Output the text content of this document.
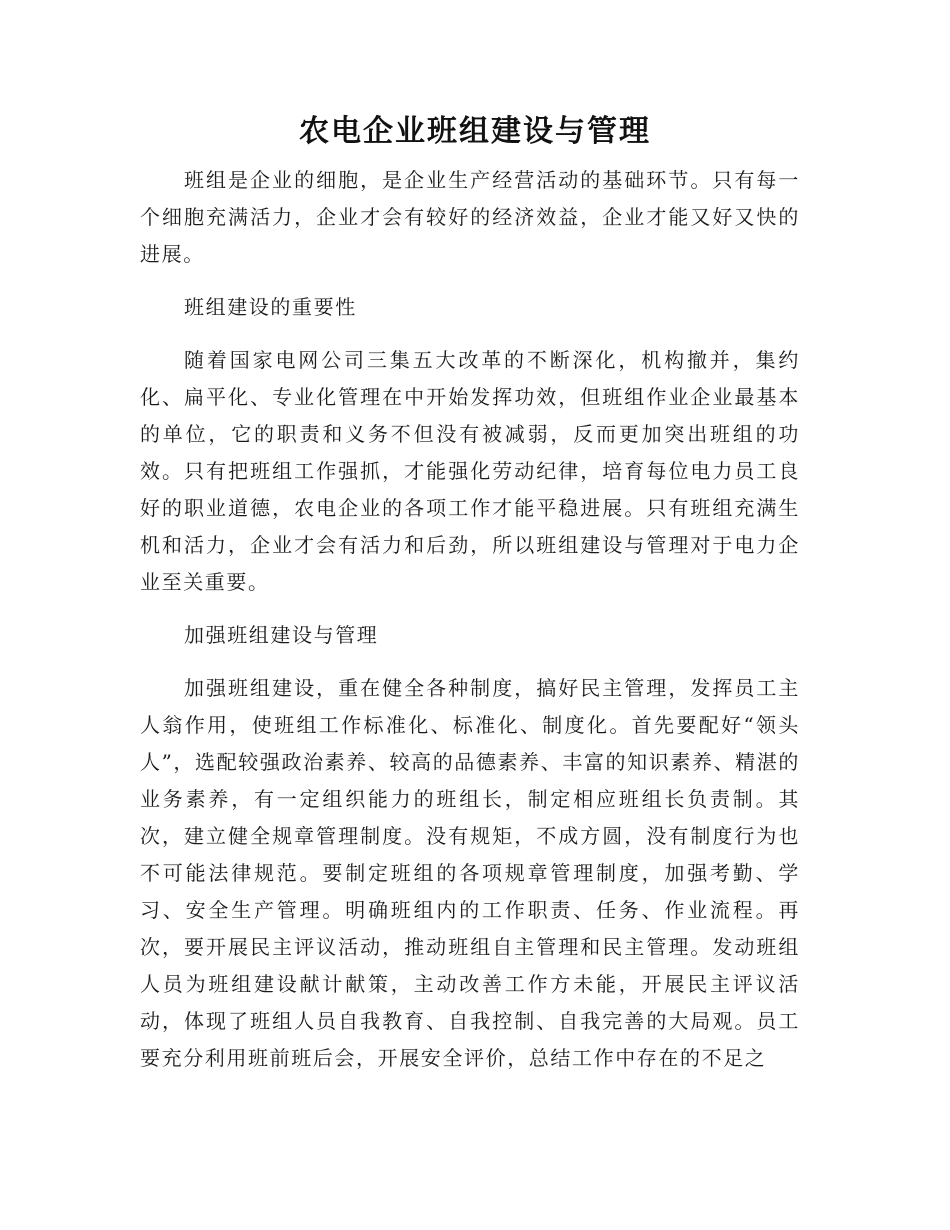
农电企业班组建设与管理

班组是企业的细胞，是企业生产经营活动的基础环节。只有每一个细胞充满活力，企业才会有较好的经济效益，企业才能又好又快的进展。

班组建设的重要性

随着国家电网公司三集五大改革的不断深化，机构撤并，集约化、扁平化、专业化管理在中开始发挥功效，但班组作业企业最基本的单位，它的职责和义务不但没有被减弱，反而更加突出班组的功效。只有把班组工作强抓，才能强化劳动纪律，培育每位电力员工良好的职业道德，农电企业的各项工作才能平稳进展。只有班组充满生机和活力，企业才会有活力和后劲，所以班组建设与管理对于电力企业至关重要。

加强班组建设与管理

加强班组建设，重在健全各种制度，搞好民主管理，发挥员工主人翁作用，使班组工作标准化、标准化、制度化。首先要配好“领头人”，选配较强政治素养、较高的品德素养、丰富的知识素养、精湛的业务素养，有一定组织能力的班组长，制定相应班组长负责制。其次，建立健全规章管理制度。没有规矩，不成方圆，没有制度行为也不可能法律规范。要制定班组的各项规章管理制度，加强考勤、学习、安全生产管理。明确班组内的工作职责、任务、作业流程。再次，要开展民主评议活动，推动班组自主管理和民主管理。发动班组人员为班组建设献计献策，主动改善工作方未能，开展民主评议活动，体现了班组人员自我教育、自我控制、自我完善的大局观。员工要充分利用班前班后会，开展安全评价，总结工作中存在的不足之
